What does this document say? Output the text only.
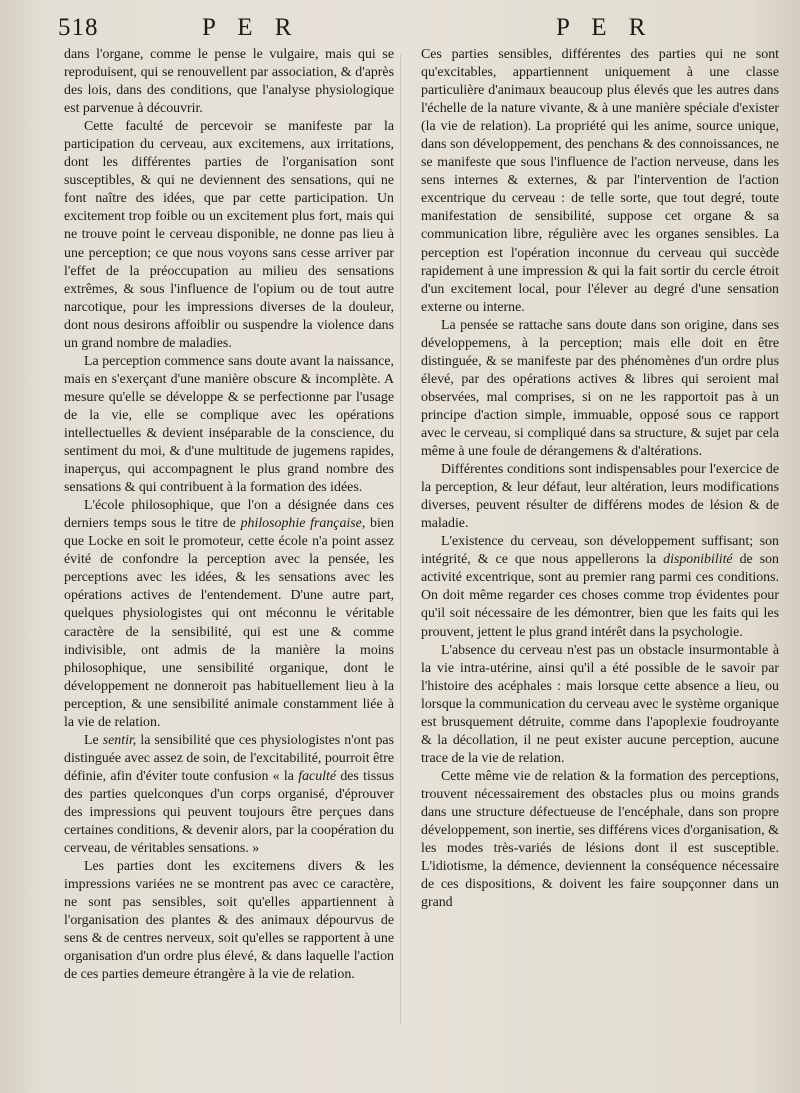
518	P E R	P E R

dans l'organe, comme le pense le vulgaire, mais qui se reproduisent, qui se renouvellent par association, & d'après des lois, dans des conditions, que l'analyse physiologique est parvenue à découvrir.

Cette faculté de percevoir se manifeste par la participation du cerveau, aux excitemens, aux irritations, dont les différentes parties de l'organisation sont susceptibles, & qui ne deviennent des sensations, qui ne font naître des idées, que par cette participation. Un excitement trop foible ou un excitement plus fort, mais qui ne trouve point le cerveau disponible, ne donne pas lieu à une perception; ce que nous voyons sans cesse arriver par l'effet de la préoccupation au milieu des sensations extrêmes, & sous l'influence de l'opium ou de tout autre narcotique, pour les impressions diverses de la douleur, dont nous desirons affoiblir ou suspendre la violence dans un grand nombre de maladies.

La perception commence sans doute avant la naissance, mais en s'exerçant d'une manière obscure & incomplète. A mesure qu'elle se développe & se perfectionne par l'usage de la vie, elle se complique avec les opérations intellectuelles & devient inséparable de la conscience, du sentiment du moi, & d'une multitude de jugemens rapides, inaperçus, qui accompagnent le plus grand nombre des sensations & qui contribuent à la formation des idées.

L'école philosophique, que l'on a désignée dans ces derniers temps sous le titre de philosophie française, bien que Locke en soit le promoteur, cette école n'a point assez évité de confondre la perception avec la pensée, les perceptions avec les idées, & les sensations avec les opérations actives de l'entendement. D'une autre part, quelques physiologistes qui ont méconnu le véritable caractère de la sensibilité, qui est une & comme indivisible, ont admis de la manière la moins philosophique, une sensibilité organique, dont le développement ne donneroit pas habituellement lieu à la perception, & une sensibilité animale constamment liée à la vie de relation.

Le sentir, la sensibilité que ces physiologistes n'ont pas distinguée avec assez de soin, de l'excitabilité, pourroit être définie, afin d'éviter toute confusion « la faculté des tissus des parties quelconques d'un corps organisé, d'éprouver des impressions qui peuvent toujours être perçues dans certaines conditions, & devenir alors, par la coopération du cerveau, de véritables sensations. »

Les parties dont les excitemens divers & les impressions variées ne se montrent pas avec ce caractère, ne sont pas sensibles, soit qu'elles appartiennent à l'organisation des plantes & des animaux dépourvus de sens & de centres nerveux, soit qu'elles se rapportent à une organisation d'un ordre plus élevé, & dans laquelle l'action de ces parties demeure étrangère à la vie de relation.

Ces parties sensibles, différentes des parties qui ne sont qu'excitables, appartiennent uniquement à une classe particulière d'animaux beaucoup plus élevés que les autres dans l'échelle de la nature vivante, & à une manière spéciale d'exister (la vie de relation). La propriété qui les anime, source unique, dans son développement, des penchans & des connoissances, ne se manifeste que sous l'influence de l'action nerveuse, dans les sens internes & externes, & par l'intervention de l'action excentrique du cerveau : de telle sorte, que tout degré, toute manifestation de sensibilité, suppose cet organe & sa communication libre, régulière avec les organes sensibles. La perception est l'opération inconnue du cerveau qui succède rapidement à une impression & qui la fait sortir du cercle étroit d'un excitement local, pour l'élever au degré d'une sensation externe ou interne.

La pensée se rattache sans doute dans son origine, dans ses développemens, à la perception; mais elle doit en être distinguée, & se manifeste par des phénomènes d'un ordre plus élevé, par des opérations actives & libres qui seroient mal observées, mal comprises, si on ne les rapportoit pas à un principe d'action simple, immuable, opposé sous ce rapport avec le cerveau, si compliqué dans sa structure, & sujet par cela même à une foule de dérangemens & d'altérations.

Différentes conditions sont indispensables pour l'exercice de la perception, & leur défaut, leur altération, leurs modifications diverses, peuvent résulter de différens modes de lésion & de maladie.

L'existence du cerveau, son développement suffisant; son intégrité, & ce que nous appellerons la disponibilité de son activité excentrique, sont au premier rang parmi ces conditions. On doit même regarder ces choses comme trop évidentes pour qu'il soit nécessaire de les démontrer, bien que les faits qui les prouvent, jettent le plus grand intérêt dans la psychologie.

L'absence du cerveau n'est pas un obstacle insurmontable à la vie intra-utérine, ainsi qu'il a été possible de le savoir par l'histoire des acéphales : mais lorsque cette absence a lieu, ou lorsque la communication du cerveau avec le système organique est brusquement détruite, comme dans l'apoplexie foudroyante & la décollation, il ne peut exister aucune perception, aucune trace de la vie de relation.

Cette même vie de relation & la formation des perceptions, trouvent nécessairement des obstacles plus ou moins grands dans une structure défectueuse de l'encéphale, dans son propre développement, son inertie, ses différens vices d'organisation, & les modes très-variés de lésions dont il est susceptible. L'idiotisme, la démence, deviennent la conséquence nécessaire de ces dispositions, & doivent les faire soupçonner dans un grand
